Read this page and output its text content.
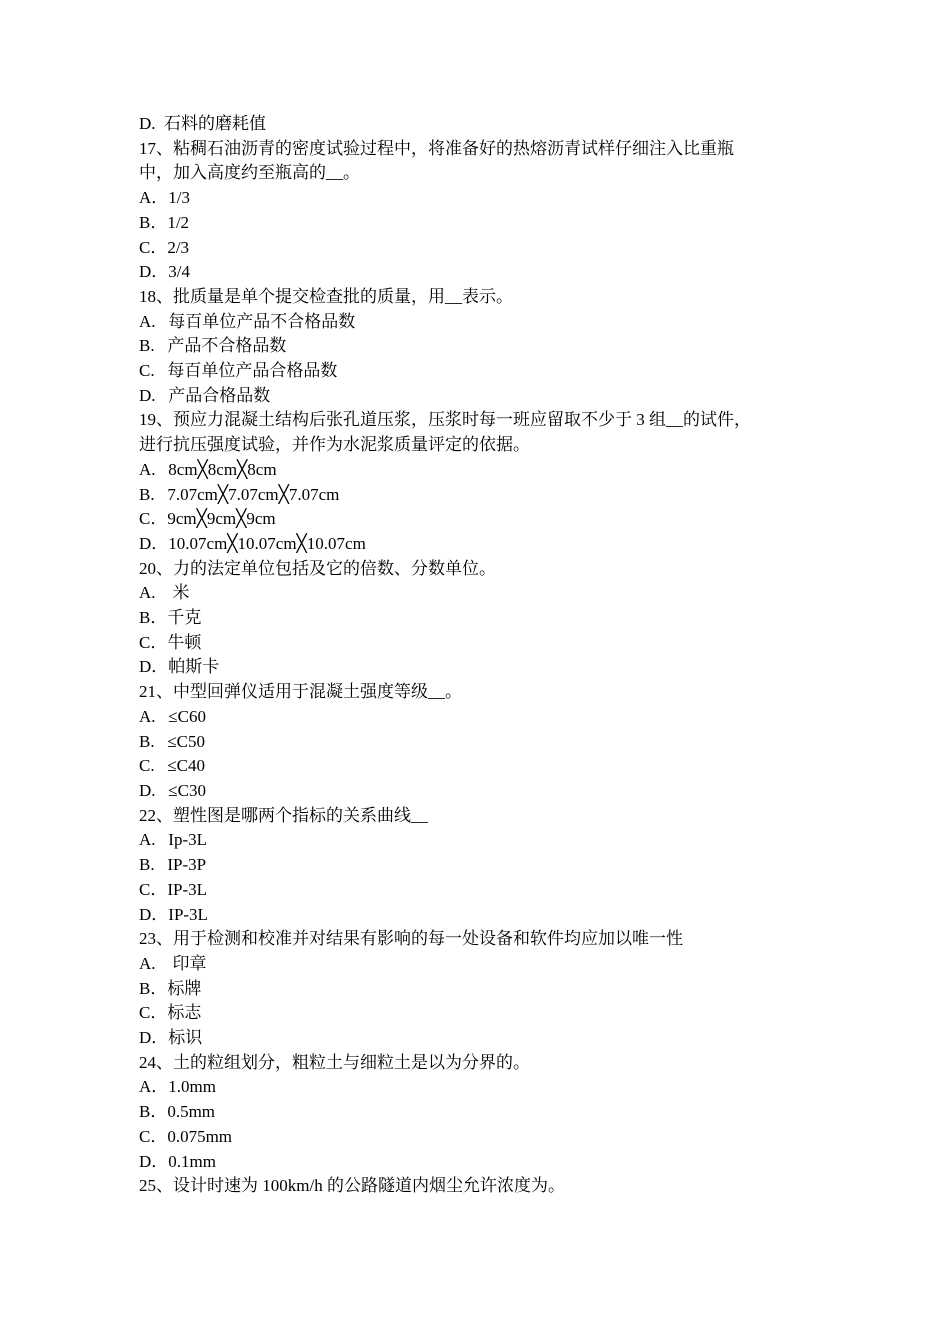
D.  石料的磨耗值

17、粘稠石油沥青的密度试验过程中，将准备好的热熔沥青试样仔细注入比重瓶

中，加入高度约至瓶高的__。

A．1/3

B．1/2

C．2/3

D．3/4

18、批质量是单个提交检查批的质量，用__表示。

A.   每百单位产品不合格品数

B.   产品不合格品数

C.   每百单位产品合格品数

D.   产品合格品数

19、预应力混凝土结构后张孔道压浆，压浆时每一班应留取不少于 3 组__的试件，

进行抗压强度试验，并作为水泥浆质量评定的依据。

A.   8cm╳8cm╳8cm

B.   7.07cm╳7.07cm╳7.07cm

C．9cm╳9cm╳9cm

D．10.07cm╳10.07cm╳10.07cm

20、力的法定单位包括及它的倍数、分数单位。

A.    米

B．千克

C．牛顿

D．帕斯卡

21、中型回弹仪适用于混凝土强度等级__。

A.   ≤C60

B.   ≤C50

C.   ≤C40

D.   ≤C30

22、塑性图是哪两个指标的关系曲线__

A.   Ip-3L

B.   IP-3P

C．IP-3L

D．IP-3L

23、用于检测和校准并对结果有影响的每一处设备和软件均应加以唯一性

A.    印章

B．标牌

C．标志

D．标识

24、土的粒组划分，粗粒土与细粒土是以为分界的。

A．1.0mm

B．0.5mm

C．0.075mm

D．0.1mm

25、设计时速为 100km/h 的公路隧道内烟尘允许浓度为。
